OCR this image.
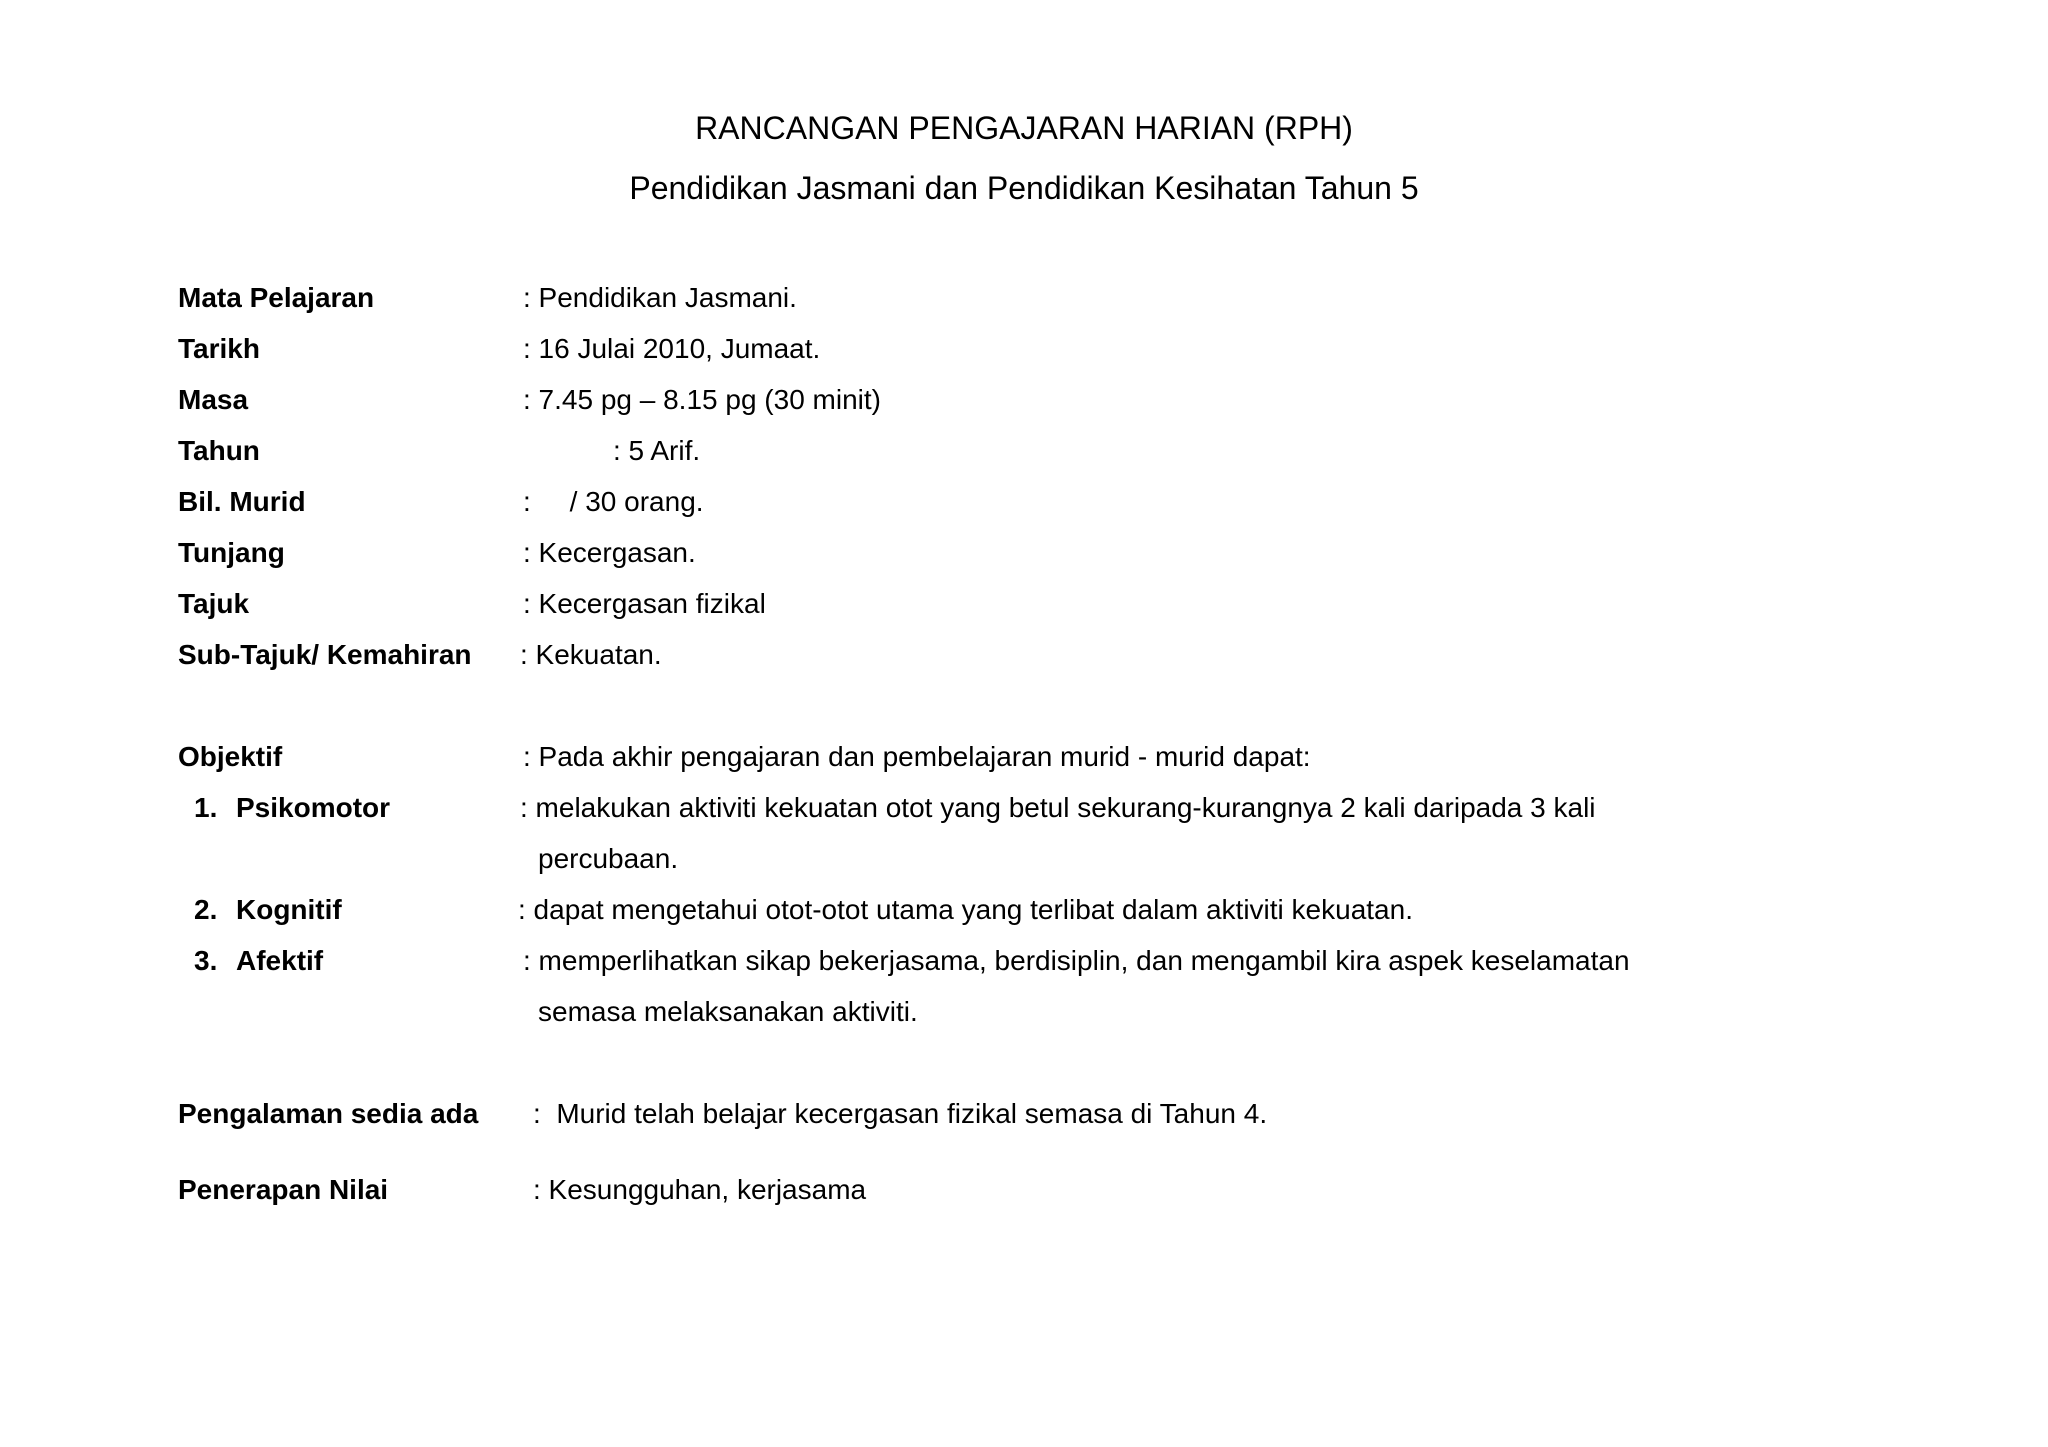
RANCANGAN PENGAJARAN HARIAN (RPH)
Pendidikan Jasmani dan Pendidikan Kesihatan Tahun 5
Mata Pelajaran	: Pendidikan Jasmani.
Tarikh	: 16 Julai 2010, Jumaat.
Masa	: 7.45 pg – 8.15 pg (30 minit)
Tahun	: 5 Arif.
Bil. Murid	:     / 30 orang.
Tunjang	: Kecergasan.
Tajuk	: Kecergasan fizikal
Sub-Tajuk/ Kemahiran : Kekuatan.
Objektif	: Pada akhir pengajaran dan pembelajaran murid - murid dapat:
1. Psikomotor	: melakukan aktiviti kekuatan otot yang betul sekurang-kurangnya 2 kali daripada 3 kali
percubaan.
2. Kognitif	: dapat mengetahui otot-otot utama yang terlibat dalam aktiviti kekuatan.
3. Afektif	: memperlihatkan sikap bekerjasama, berdisiplin, dan mengambil kira aspek keselamatan
semasa melaksanakan aktiviti.
Pengalaman sedia ada :  Murid telah belajar kecergasan fizikal semasa di Tahun 4.
Penerapan Nilai	: Kesungguhan, kerjasama
